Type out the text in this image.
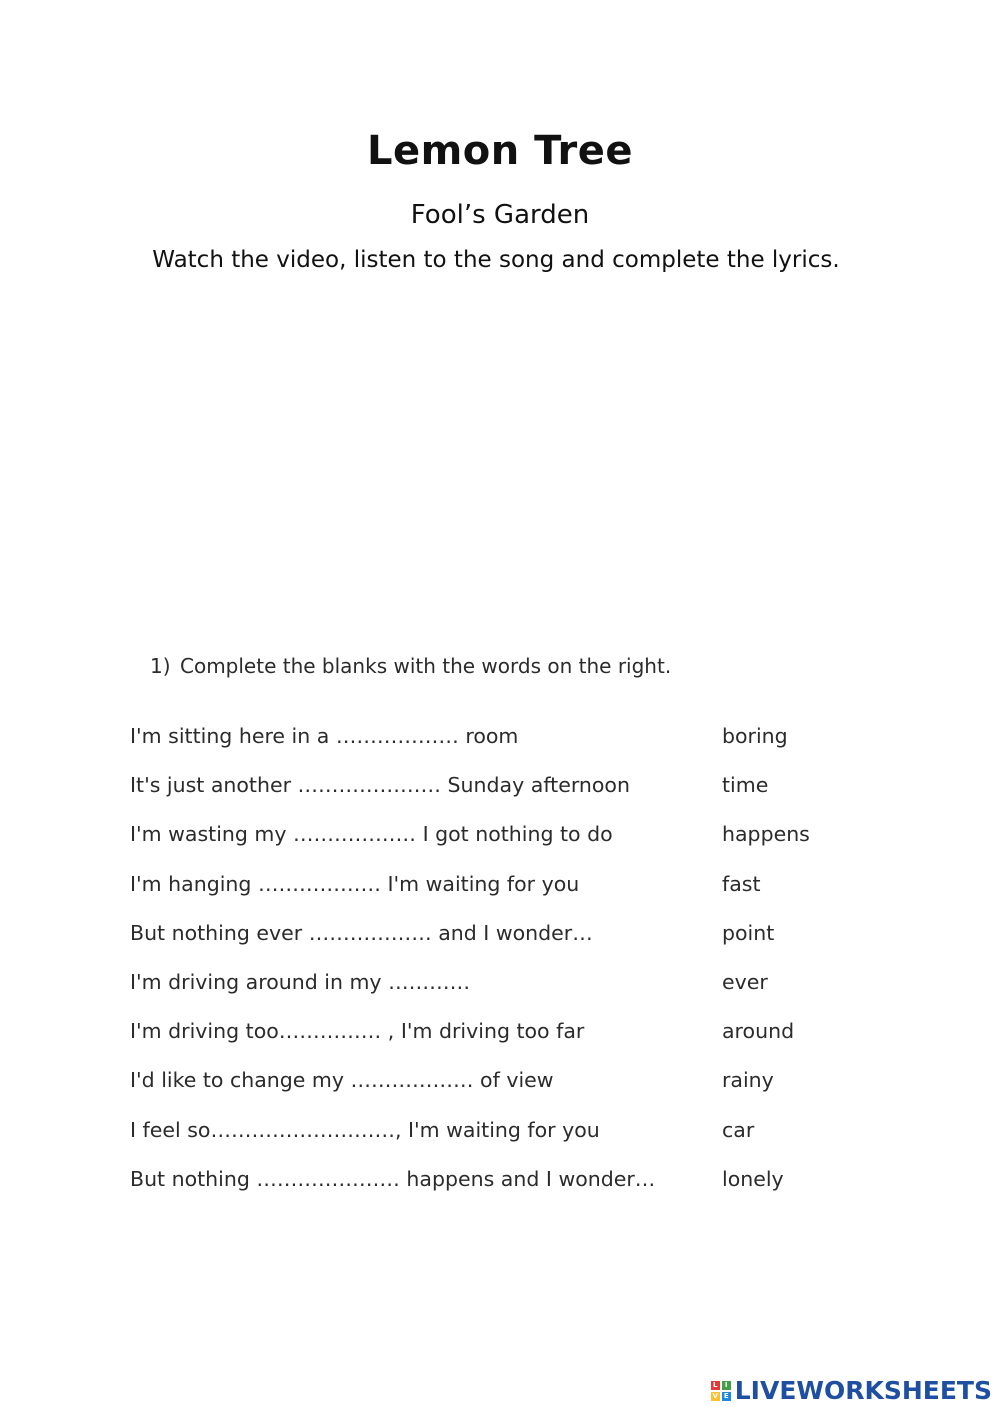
Lemon Tree
Fool’s Garden
Watch the video, listen to the song and complete the lyrics.
1) Complete the blanks with the words on the right.
I'm sitting here in a ……………… room	boring
It's just another ………………… Sunday afternoon	time
I'm wasting my ……………… I got nothing to do	happens
I'm hanging ……………… I'm waiting for you	fast
But nothing ever ……………… and I wonder…	point
I'm driving around in my …………	ever
I'm driving too…………… , I'm driving too far	around
I'd like to change my ……………… of view	rainy
I feel so………………………, I'm waiting for you	car
But nothing ………………… happens and I wonder…	lonely
L	I
V E LIVEWORKSHEETS
